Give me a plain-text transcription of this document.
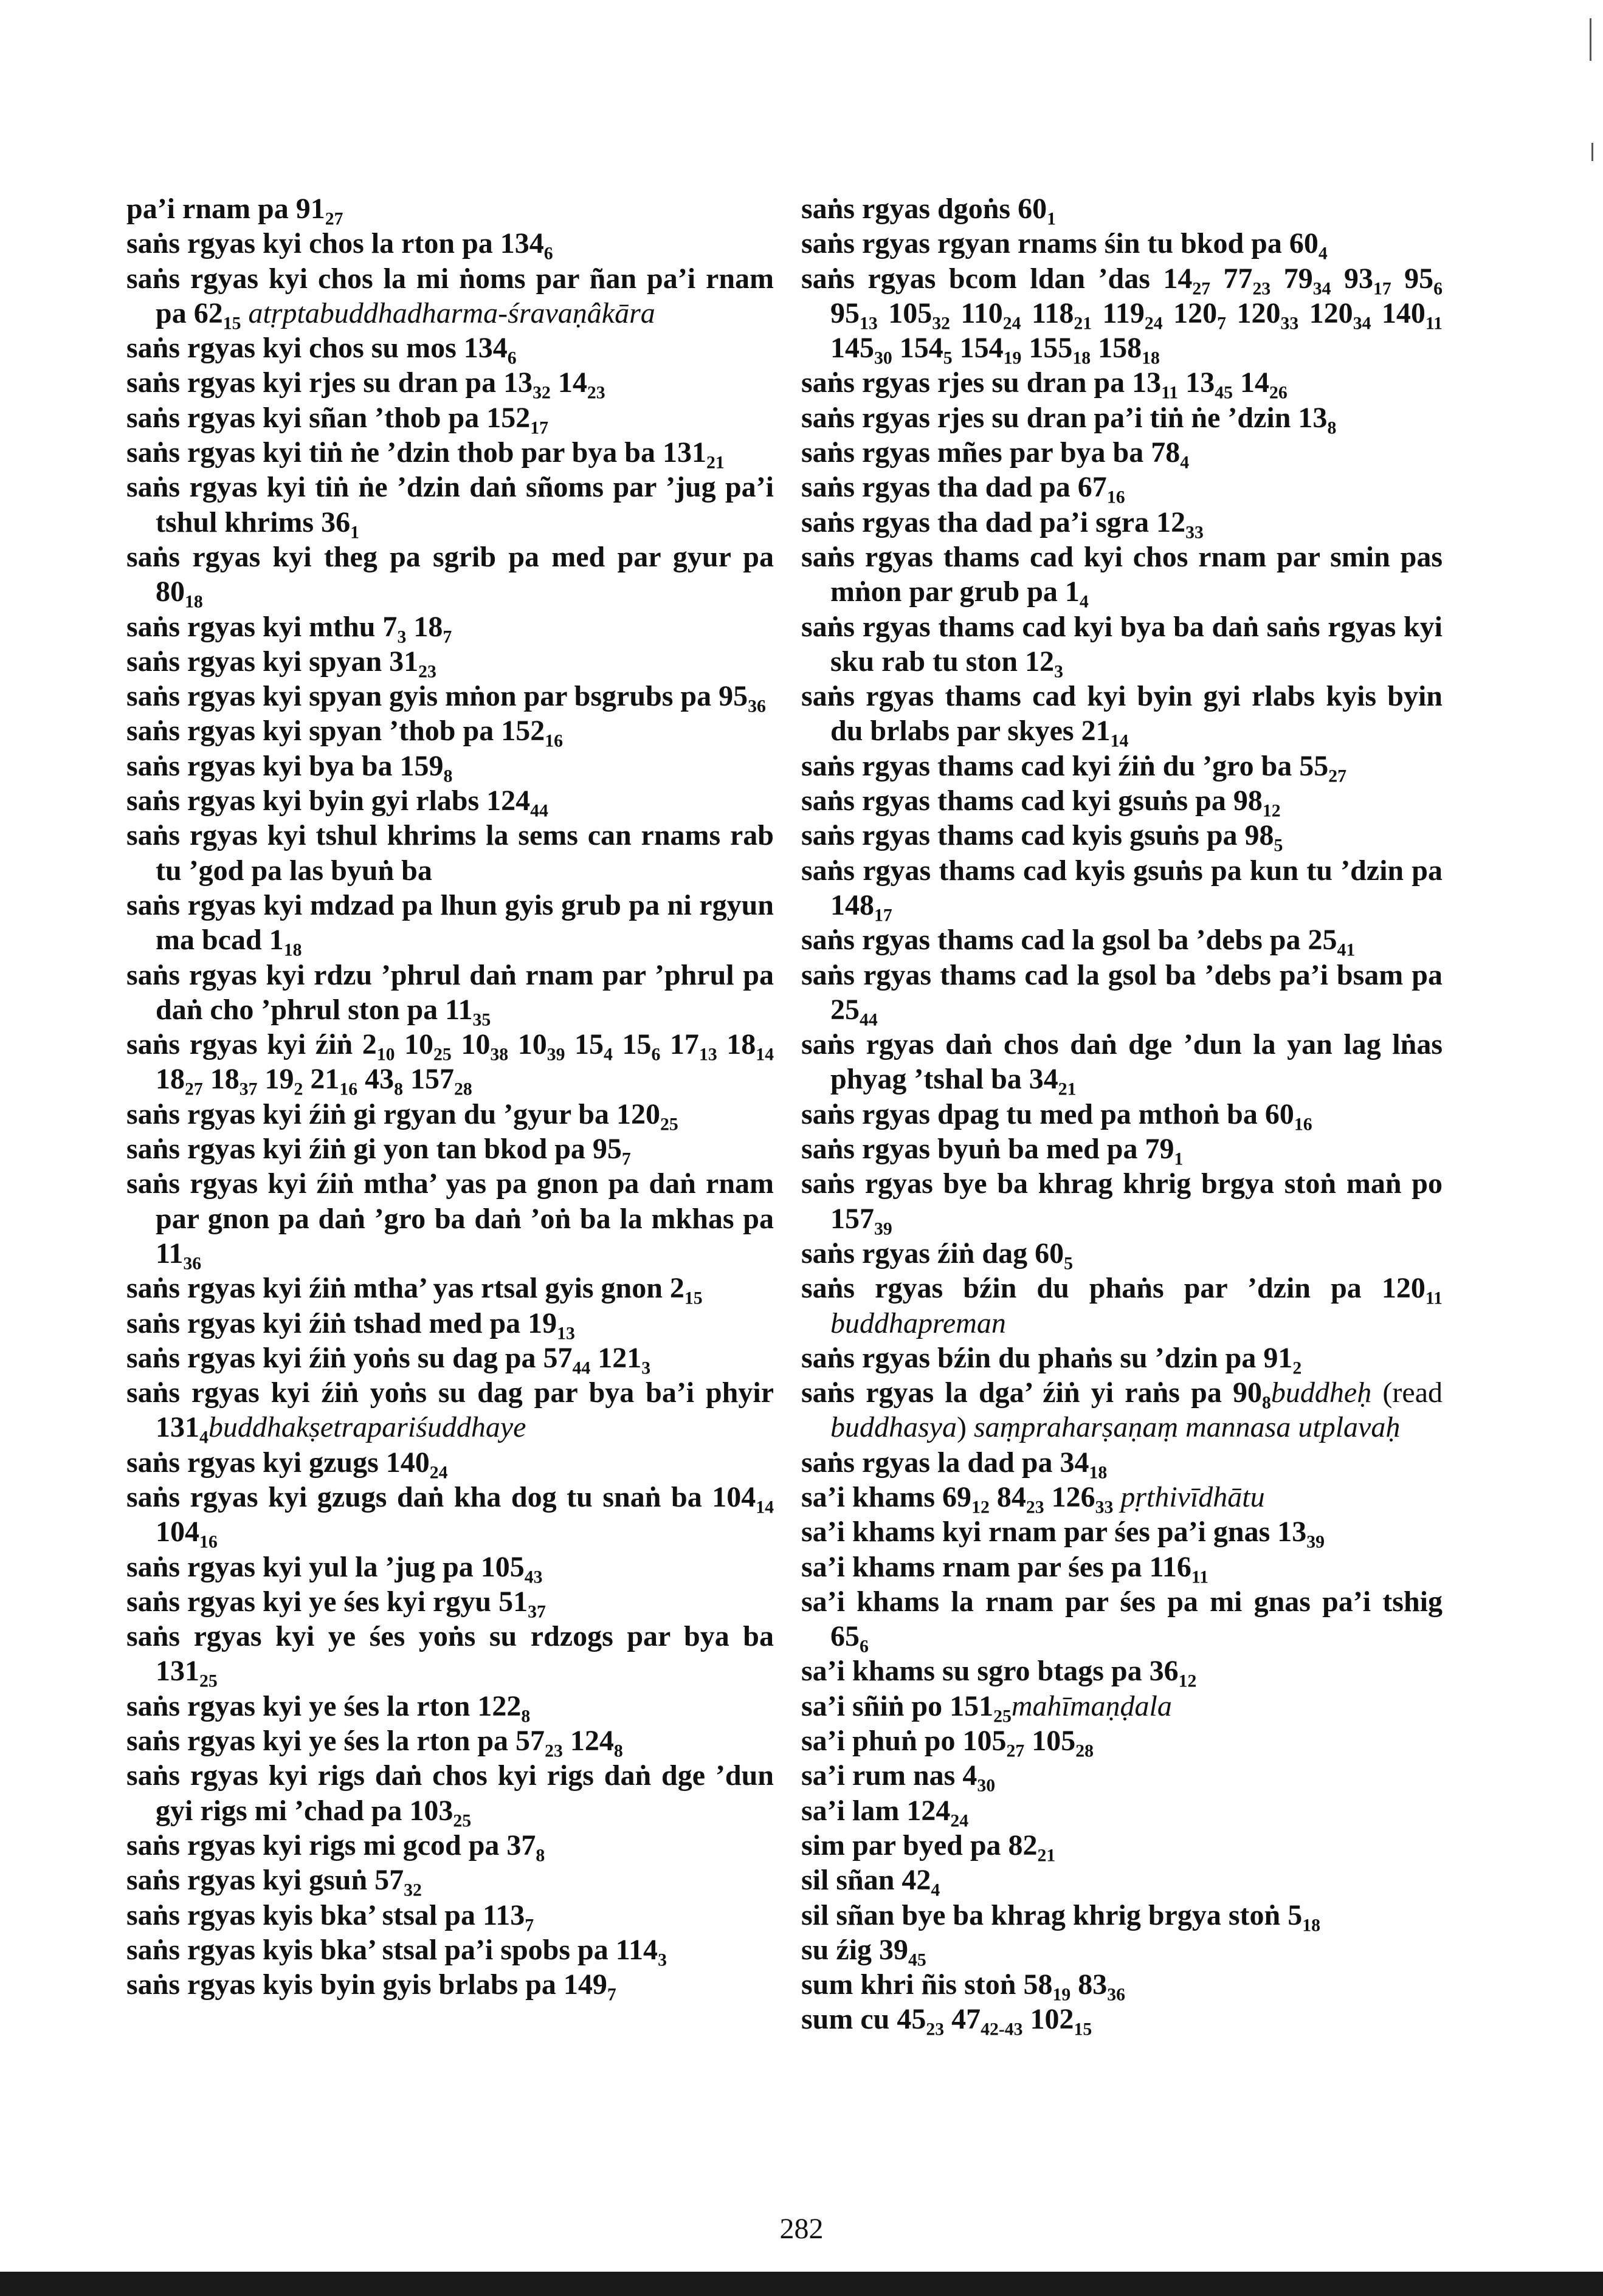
pa’i rnam pa $91_{27}$
saṅs rgyas kyi chos la rton pa $134_6$
saṅs rgyas kyi chos la mi ṅoms par ñan pa’i rnam pa $62_{15}$ atṛptabuddhadharma-śravaṇâkāra
saṅs rgyas kyi chos su mos $134_6$
saṅs rgyas kyi rjes su dran pa $13_{32}$ $14_{23}$
saṅs rgyas kyi sñan ’thob pa $152_{17}$
saṅs rgyas kyi tiṅ ṅe ’dzin thob par bya ba $131_{21}$
saṅs rgyas kyi tiṅ ṅe ’dzin daṅ sñoms par ’jug pa’i tshul khrims $36_1$
saṅs rgyas kyi theg pa sgrib pa med par gyur pa $80_{18}$
saṅs rgyas kyi mthu $7_3$ $18_7$
saṅs rgyas kyi spyan $31_{23}$
saṅs rgyas kyi spyan gyis mṅon par bsgrubs pa $95_{36}$
saṅs rgyas kyi spyan ’thob pa $152_{16}$
saṅs rgyas kyi bya ba $159_8$
saṅs rgyas kyi byin gyi rlabs $124_{44}$
saṅs rgyas kyi tshul khrims la sems can rnams rab tu ’god pa las byuṅ ba
saṅs rgyas kyi mdzad pa lhun gyis grub pa ni rgyun ma bcad $1_{18}$
saṅs rgyas kyi rdzu ’phrul daṅ rnam par ’phrul pa daṅ cho ’phrul ston pa $11_{35}$
saṅs rgyas kyi źiṅ $2_{10}$ $10_{25}$ $10_{38}$ $10_{39}$ $15_4$ $15_6$ $17_{13}$ $18_{14}$ $18_{27}$ $18_{37}$ $19_2$ $21_{16}$ $43_8$ $157_{28}$
saṅs rgyas kyi źiṅ gi rgyan du ’gyur ba $120_{25}$
saṅs rgyas kyi źiṅ gi yon tan bkod pa $95_7$
saṅs rgyas kyi źiṅ mtha’ yas pa gnon pa daṅ rnam par gnon pa daṅ ’gro ba daṅ ’oṅ ba la mkhas pa $11_{36}$
saṅs rgyas kyi źiṅ mtha’ yas rtsal gyis gnon $2_{15}$
saṅs rgyas kyi źiṅ tshad med pa $19_{13}$
saṅs rgyas kyi źiṅ yoṅs su dag pa $57_{44}$ $121_3$
saṅs rgyas kyi źiṅ yoṅs su dag par bya ba’i phyir $131_4buddhakṣetrapariśuddhaye$
saṅs rgyas kyi gzugs $140_{24}$
saṅs rgyas kyi gzugs daṅ kha dog tu snaṅ ba $104_{14}$ $104_{16}$
saṅs rgyas kyi yul la ’jug pa $105_{43}$
saṅs rgyas kyi ye śes kyi rgyu $51_{37}$
saṅs rgyas kyi ye śes yoṅs su rdzogs par bya ba $131_{25}$
saṅs rgyas kyi ye śes la rton $122_8$
saṅs rgyas kyi ye śes la rton pa $57_{23}$ $124_8$
saṅs rgyas kyi rigs daṅ chos kyi rigs daṅ dge ’dun gyi rigs mi ’chad pa $103_{25}$
saṅs rgyas kyi rigs mi gcod pa $37_8$
saṅs rgyas kyi gsuṅ $57_{32}$
saṅs rgyas kyis bka’ stsal pa $113_7$
saṅs rgyas kyis bka’ stsal pa’i spobs pa $114_3$
saṅs rgyas kyis byin gyis brlabs pa $149_7$
saṅs rgyas dgoṅs $60_1$
saṅs rgyas rgyan rnams śin tu bkod pa $60_4$
saṅs rgyas bcom ldan ’das $14_{27}$ $77_{23}$ $79_{34}$ $93_{17}$ $95_6$ $95_{13}$ $105_{32}$ $110_{24}$ $118_{21}$ $119_{24}$ $120_7$ $120_{33}$ $120_{34}$ $140_{11}$ $145_{30}$ $154_5$ $154_{19}$ $155_{18}$ $158_{18}$
saṅs rgyas rjes su dran pa $13_{11}$ $13_{45}$ $14_{26}$
saṅs rgyas rjes su dran pa’i tiṅ ṅe ’dzin $13_8$
saṅs rgyas mñes par bya ba $78_4$
saṅs rgyas tha dad pa $67_{16}$
saṅs rgyas tha dad pa’i sgra $12_{33}$
saṅs rgyas thams cad kyi chos rnam par smin pas mṅon par grub pa $1_4$
saṅs rgyas thams cad kyi bya ba daṅ saṅs rgyas kyi sku rab tu ston $12_3$
saṅs rgyas thams cad kyi byin gyi rlabs kyis byin du brlabs par skyes $21_{14}$
saṅs rgyas thams cad kyi źiṅ du ’gro ba $55_{27}$
saṅs rgyas thams cad kyi gsuṅs pa $98_{12}$
saṅs rgyas thams cad kyis gsuṅs pa $98_5$
saṅs rgyas thams cad kyis gsuṅs pa kun tu ’dzin pa $148_{17}$
saṅs rgyas thams cad la gsol ba ’debs pa $25_{41}$
saṅs rgyas thams cad la gsol ba ’debs pa’i bsam pa $25_{44}$
saṅs rgyas daṅ chos daṅ dge ’dun la yan lag lṅas phyag ’tshal ba $34_{21}$
saṅs rgyas dpag tu med pa mthoṅ ba $60_{16}$
saṅs rgyas byuṅ ba med pa $79_1$
saṅs rgyas bye ba khrag khrig brgya stoṅ maṅ po $157_{39}$
saṅs rgyas źiṅ dag $60_5$
saṅs rgyas bźin du phaṅs par ’dzin pa $120_{11}$ buddhapreman
saṅs rgyas bźin du phaṅs su ’dzin pa $91_2$
saṅs rgyas la dga’ źiṅ yi raṅs pa $90_8buddheḥ$ (read buddhasya) saṃpraharṣaṇaṃ mannasa utplavaḥ
saṅs rgyas la dad pa $34_{18}$
sa’i khams $69_{12}$ $84_{23}$ $126_{33}$ pṛthivīdhātu
sa’i khams kyi rnam par śes pa’i gnas $13_{39}$
sa’i khams rnam par śes pa $116_{11}$
sa’i khams la rnam par śes pa mi gnas pa’i tshig $65_6$
sa’i khams su sgro btags pa $36_{12}$
sa’i sñiṅ po $151_{25}mahīmaṇḍala$
sa’i phuṅ po $105_{27}$ $105_{28}$
sa’i rum nas $4_{30}$
sa’i lam $124_{24}$
sim par byed pa $82_{21}$
sil sñan $42_4$
sil sñan bye ba khrag khrig brgya stoṅ $5_{18}$
su źig $39_{45}$
sum khri ñis stoṅ $58_{19}$ $83_{36}$
sum cu $45_{23}$ $47_{42-43}$ $102_{15}$
282
